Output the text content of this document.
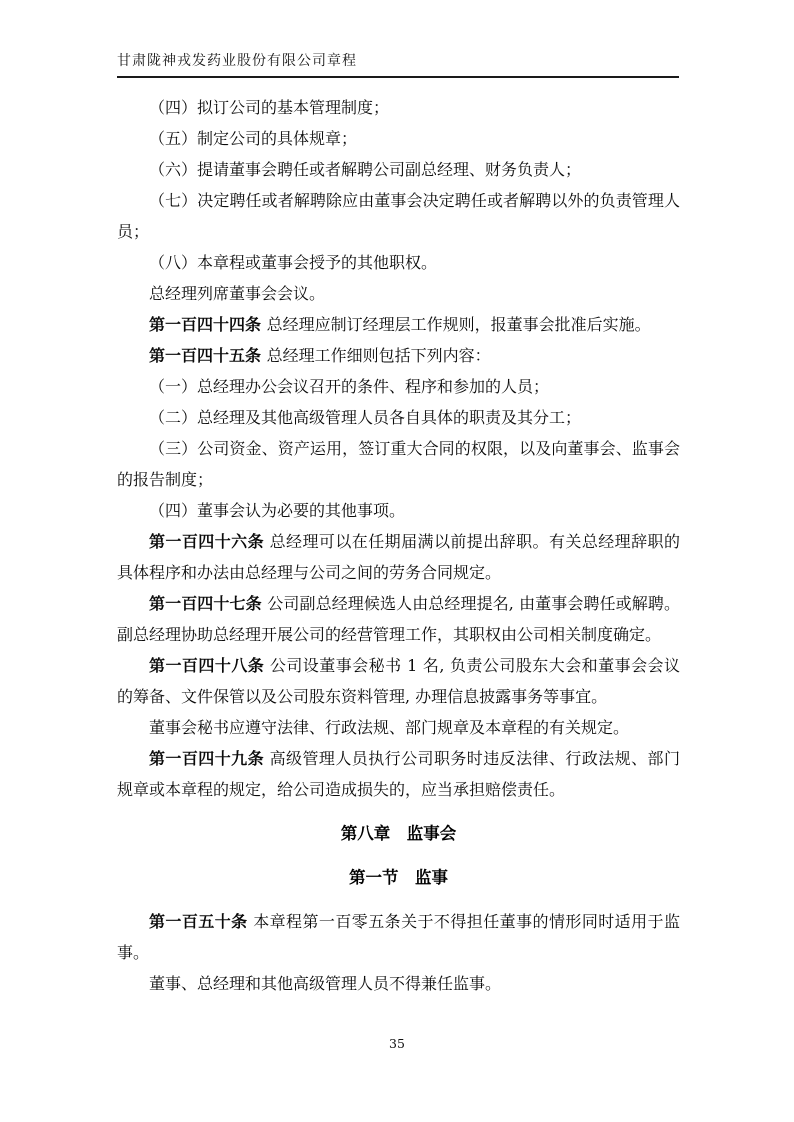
甘肃陇神戎发药业股份有限公司章程

（四）拟订公司的基本管理制度；

（五）制定公司的具体规章；

（六）提请董事会聘任或者解聘公司副总经理、财务负责人；

（七）决定聘任或者解聘除应由董事会决定聘任或者解聘以外的负责管理人员；

（八）本章程或董事会授予的其他职权。

总经理列席董事会会议。

第一百四十四条 总经理应制订经理层工作规则，报董事会批准后实施。

第一百四十五条 总经理工作细则包括下列内容：

（一）总经理办公会议召开的条件、程序和参加的人员；

（二）总经理及其他高级管理人员各自具体的职责及其分工；

（三）公司资金、资产运用，签订重大合同的权限，以及向董事会、监事会的报告制度；

（四）董事会认为必要的其他事项。

第一百四十六条 总经理可以在任期届满以前提出辞职。有关总经理辞职的具体程序和办法由总经理与公司之间的劳务合同规定。

第一百四十七条 公司副总经理候选人由总经理提名, 由董事会聘任或解聘。副总经理协助总经理开展公司的经营管理工作，其职权由公司相关制度确定。

第一百四十八条 公司设董事会秘书 1 名, 负责公司股东大会和董事会会议的筹备、文件保管以及公司股东资料管理, 办理信息披露事务等事宜。

董事会秘书应遵守法律、行政法规、部门规章及本章程的有关规定。

第一百四十九条 高级管理人员执行公司职务时违反法律、行政法规、部门规章或本章程的规定，给公司造成损失的，应当承担赔偿责任。

第八章　监事会

第一节　监事

第一百五十条 本章程第一百零五条关于不得担任董事的情形同时适用于监事。

董事、总经理和其他高级管理人员不得兼任监事。

35
